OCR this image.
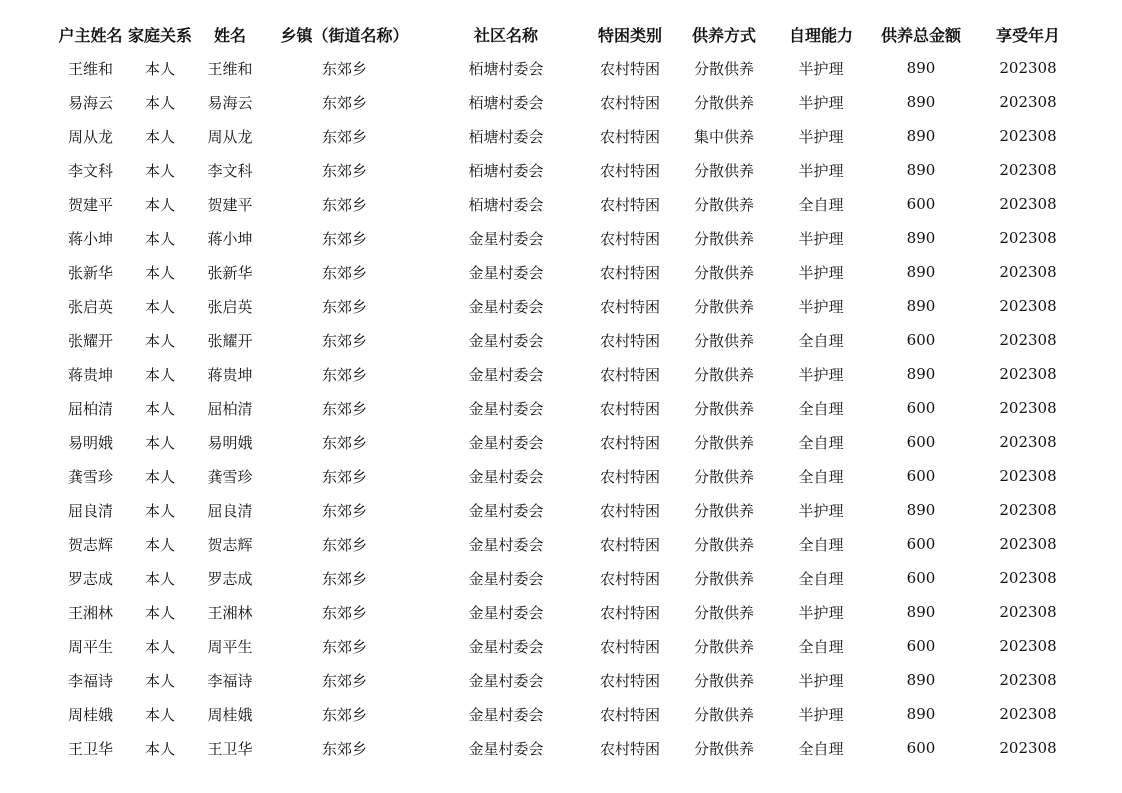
	户主姓名	家庭关系	姓名	乡镇（街道名称）	社区名称	特困类别	供养方式	自理能力	供养总金额	享受年月	
	王维和	本人	王维和	东郊乡	栢塘村委会	农村特困	分散供养	半护理	890	202308	
	易海云	本人	易海云	东郊乡	栢塘村委会	农村特困	分散供养	半护理	890	202308	
	周从龙	本人	周从龙	东郊乡	栢塘村委会	农村特困	集中供养	半护理	890	202308	
	李文科	本人	李文科	东郊乡	栢塘村委会	农村特困	分散供养	半护理	890	202308	
	贺建平	本人	贺建平	东郊乡	栢塘村委会	农村特困	分散供养	全自理	600	202308	
	蒋小坤	本人	蒋小坤	东郊乡	金星村委会	农村特困	分散供养	半护理	890	202308	
	张新华	本人	张新华	东郊乡	金星村委会	农村特困	分散供养	半护理	890	202308	
	张启英	本人	张启英	东郊乡	金星村委会	农村特困	分散供养	半护理	890	202308	
	张耀开	本人	张耀开	东郊乡	金星村委会	农村特困	分散供养	全自理	600	202308	
	蒋贵坤	本人	蒋贵坤	东郊乡	金星村委会	农村特困	分散供养	半护理	890	202308	
	屈柏清	本人	屈柏清	东郊乡	金星村委会	农村特困	分散供养	全自理	600	202308	
	易明娥	本人	易明娥	东郊乡	金星村委会	农村特困	分散供养	全自理	600	202308	
	龚雪珍	本人	龚雪珍	东郊乡	金星村委会	农村特困	分散供养	全自理	600	202308	
	屈良清	本人	屈良清	东郊乡	金星村委会	农村特困	分散供养	半护理	890	202308	
	贺志辉	本人	贺志辉	东郊乡	金星村委会	农村特困	分散供养	全自理	600	202308	
	罗志成	本人	罗志成	东郊乡	金星村委会	农村特困	分散供养	全自理	600	202308	
	王湘林	本人	王湘林	东郊乡	金星村委会	农村特困	分散供养	半护理	890	202308	
	周平生	本人	周平生	东郊乡	金星村委会	农村特困	分散供养	全自理	600	202308	
	李福诗	本人	李福诗	东郊乡	金星村委会	农村特困	分散供养	半护理	890	202308	
	周桂娥	本人	周桂娥	东郊乡	金星村委会	农村特困	分散供养	半护理	890	202308	
	王卫华	本人	王卫华	东郊乡	金星村委会	农村特困	分散供养	全自理	600	202308	
